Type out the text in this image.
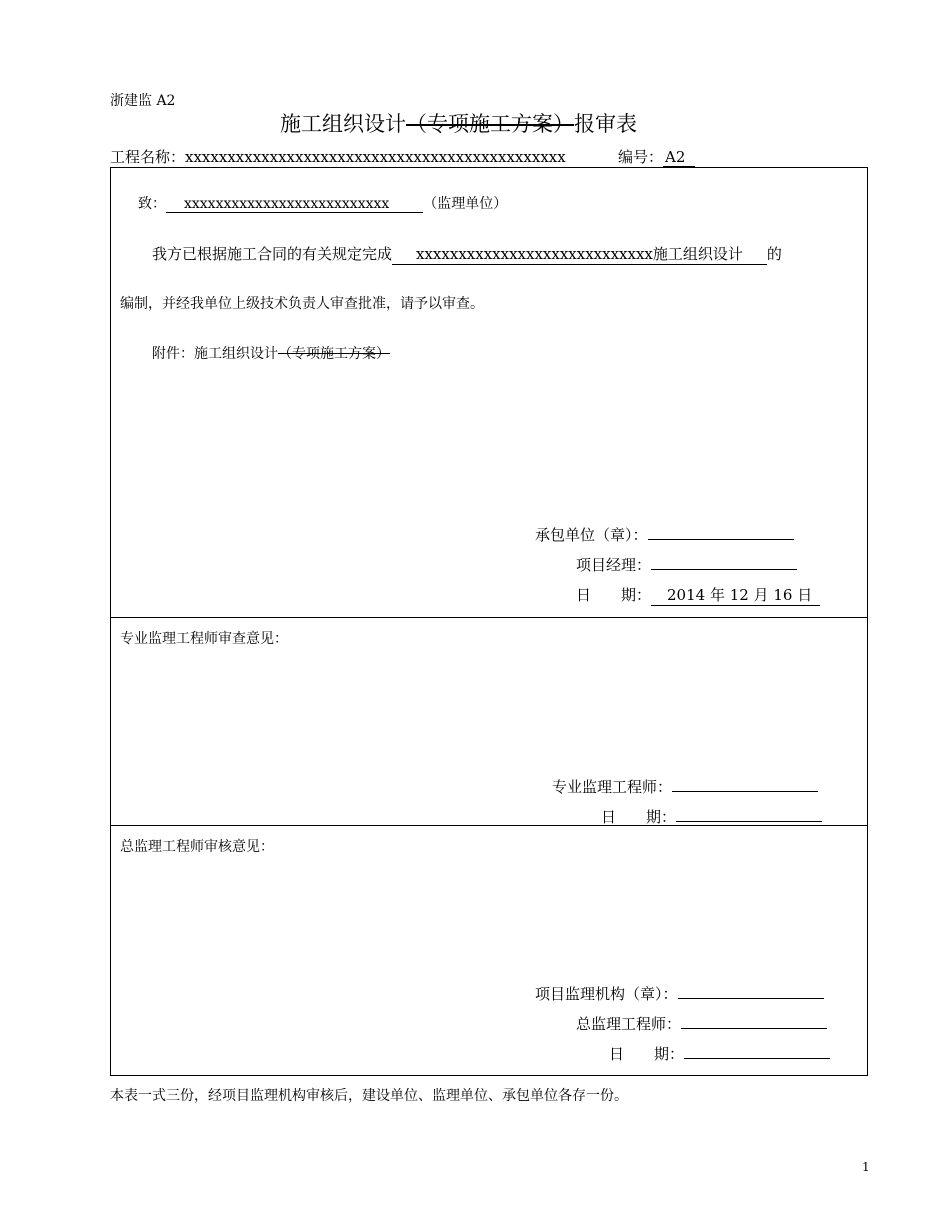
浙建监 A2
施工组织设计（专项施工方案）报审表
工程名称：xxxxxxxxxxxxxxxxxxxxxxxxxxxxxxxxxxxxxxxxxxxxx	编号： A2
致： xxxxxxxxxxxxxxxxxxxxxxxxxx （监理单位）
我方已根据施工合同的有关规定完成 xxxxxxxxxxxxxxxxxxxxxxxxxxxx施工组织设计 的
编制，并经我单位上级技术负责人审查批准，请予以审查。
附件：施工组织设计（专项施工方案）
承包单位（章）：
项目经理：
日　　期： 2014 年 12 月 16 日
专业监理工程师审查意见：
专业监理工程师：
日　　期：
总监理工程师审核意见：
项目监理机构（章）：
总监理工程师：
日　　期：
本表一式三份，经项目监理机构审核后，建设单位、监理单位、承包单位各存一份。
1
